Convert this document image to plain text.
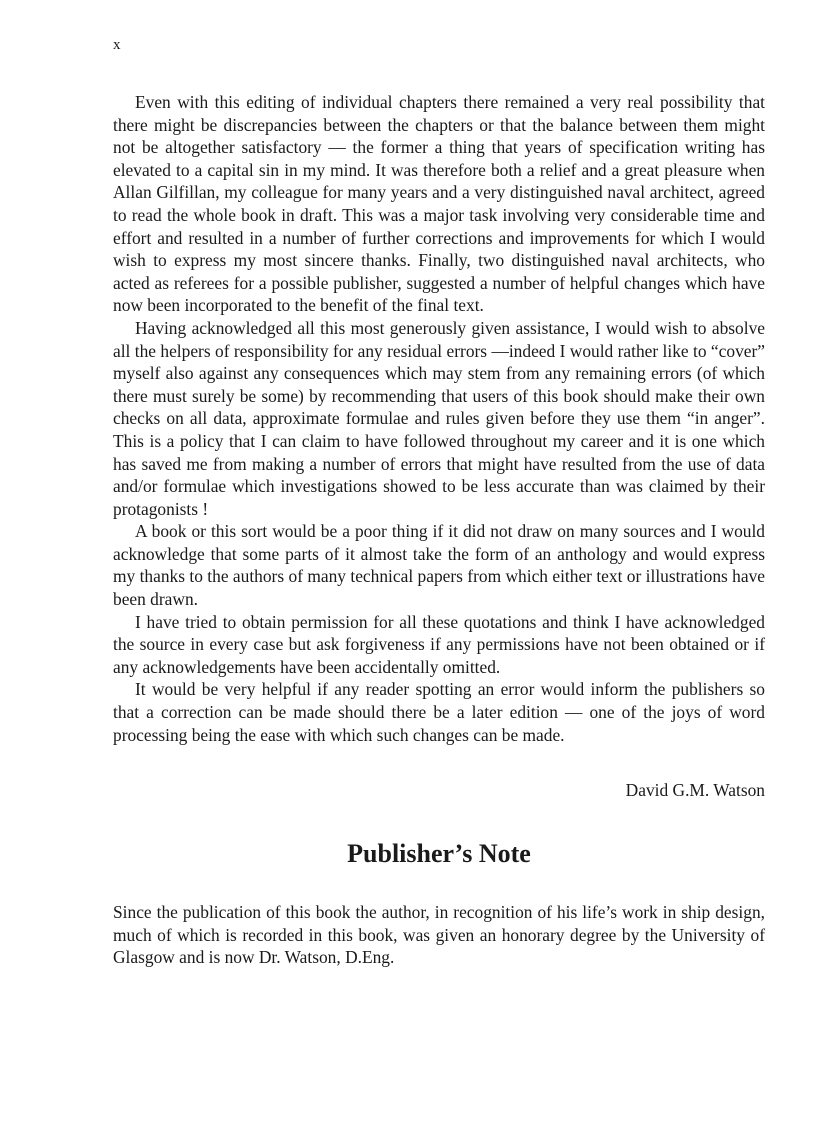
x

Even with this editing of individual chapters there remained a very real possibility that there might be discrepancies between the chapters or that the balance between them might not be altogether satisfactory — the former a thing that years of specification writing has elevated to a capital sin in my mind. It was therefore both a relief and a great pleasure when Allan Gilfillan, my colleague for many years and a very distinguished naval architect, agreed to read the whole book in draft. This was a major task involving very considerable time and effort and resulted in a number of further corrections and improvements for which I would wish to express my most sincere thanks. Finally, two distinguished naval architects, who acted as referees for a possible publisher, suggested a number of helpful changes which have now been incorporated to the benefit of the final text.

Having acknowledged all this most generously given assistance, I would wish to absolve all the helpers of responsibility for any residual errors —indeed I would rather like to “cover” myself also against any consequences which may stem from any remaining errors (of which there must surely be some) by recommending that users of this book should make their own checks on all data, approximate formulae and rules given before they use them “in anger”. This is a policy that I can claim to have followed throughout my career and it is one which has saved me from making a number of errors that might have resulted from the use of data and/or formulae which investigations showed to be less accurate than was claimed by their protagonists !

A book or this sort would be a poor thing if it did not draw on many sources and I would acknowledge that some parts of it almost take the form of an anthology and would express my thanks to the authors of many technical papers from which either text or illustrations have been drawn.

I have tried to obtain permission for all these quotations and think I have acknowledged the source in every case but ask forgiveness if any permissions have not been obtained or if any acknowledgements have been accidentally omitted.

It would be very helpful if any reader spotting an error would inform the publishers so that a correction can be made should there be a later edition — one of the joys of word processing being the ease with which such changes can be made.

David G.M. Watson
Publisher’s Note

Since the publication of this book the author, in recognition of his life’s work in ship design, much of which is recorded in this book, was given an honorary degree by the University of Glasgow and is now Dr. Watson, D.Eng.
